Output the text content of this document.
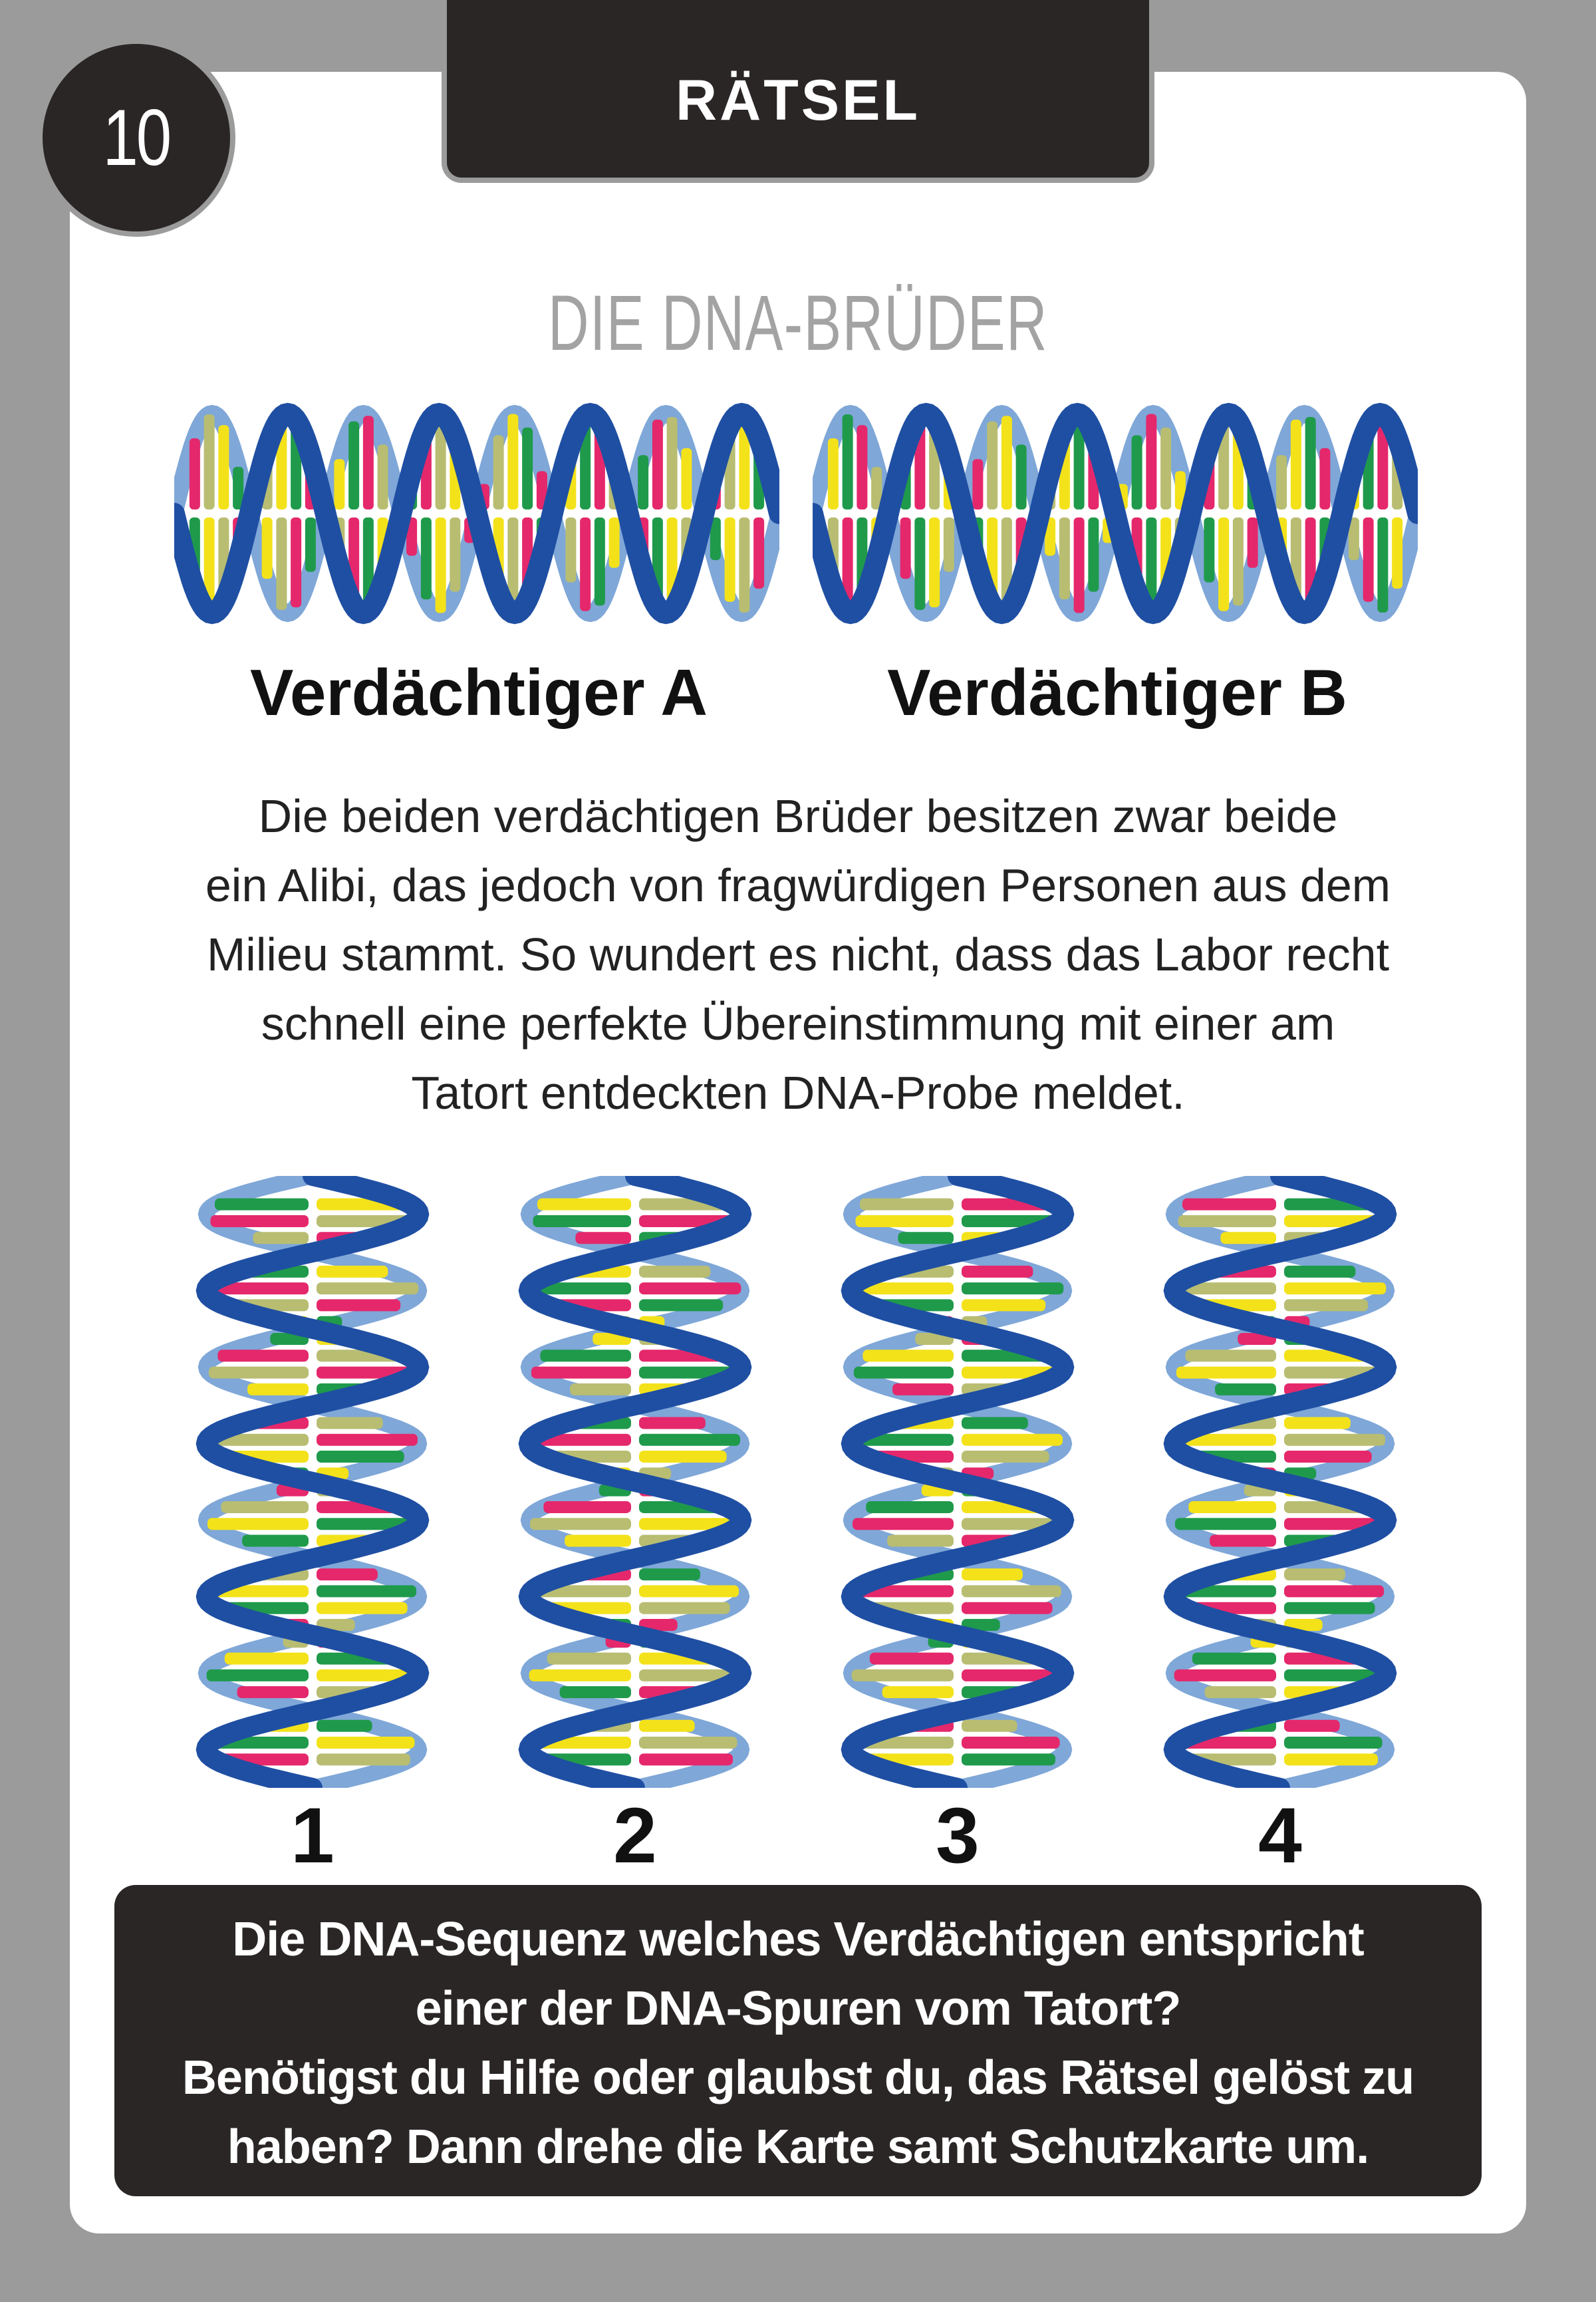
RÄTSEL
10
DIE DNA-BRÜDER
Verdächtiger A	Verdächtiger B
Die beiden verdächtigen Brüder besitzen zwar beide
ein Alibi, das jedoch von fragwürdigen Personen aus dem
Milieu stammt. So wundert es nicht, dass das Labor recht
schnell eine perfekte Übereinstimmung mit einer am
Tatort entdeckten DNA-Probe meldet.
1	2	3	4
Die DNA-Sequenz welches Verdächtigen entspricht
einer der DNA-Spuren vom Tatort?
Benötigst du Hilfe oder glaubst du, das Rätsel gelöst zu
haben? Dann drehe die Karte samt Schutzkarte um.
